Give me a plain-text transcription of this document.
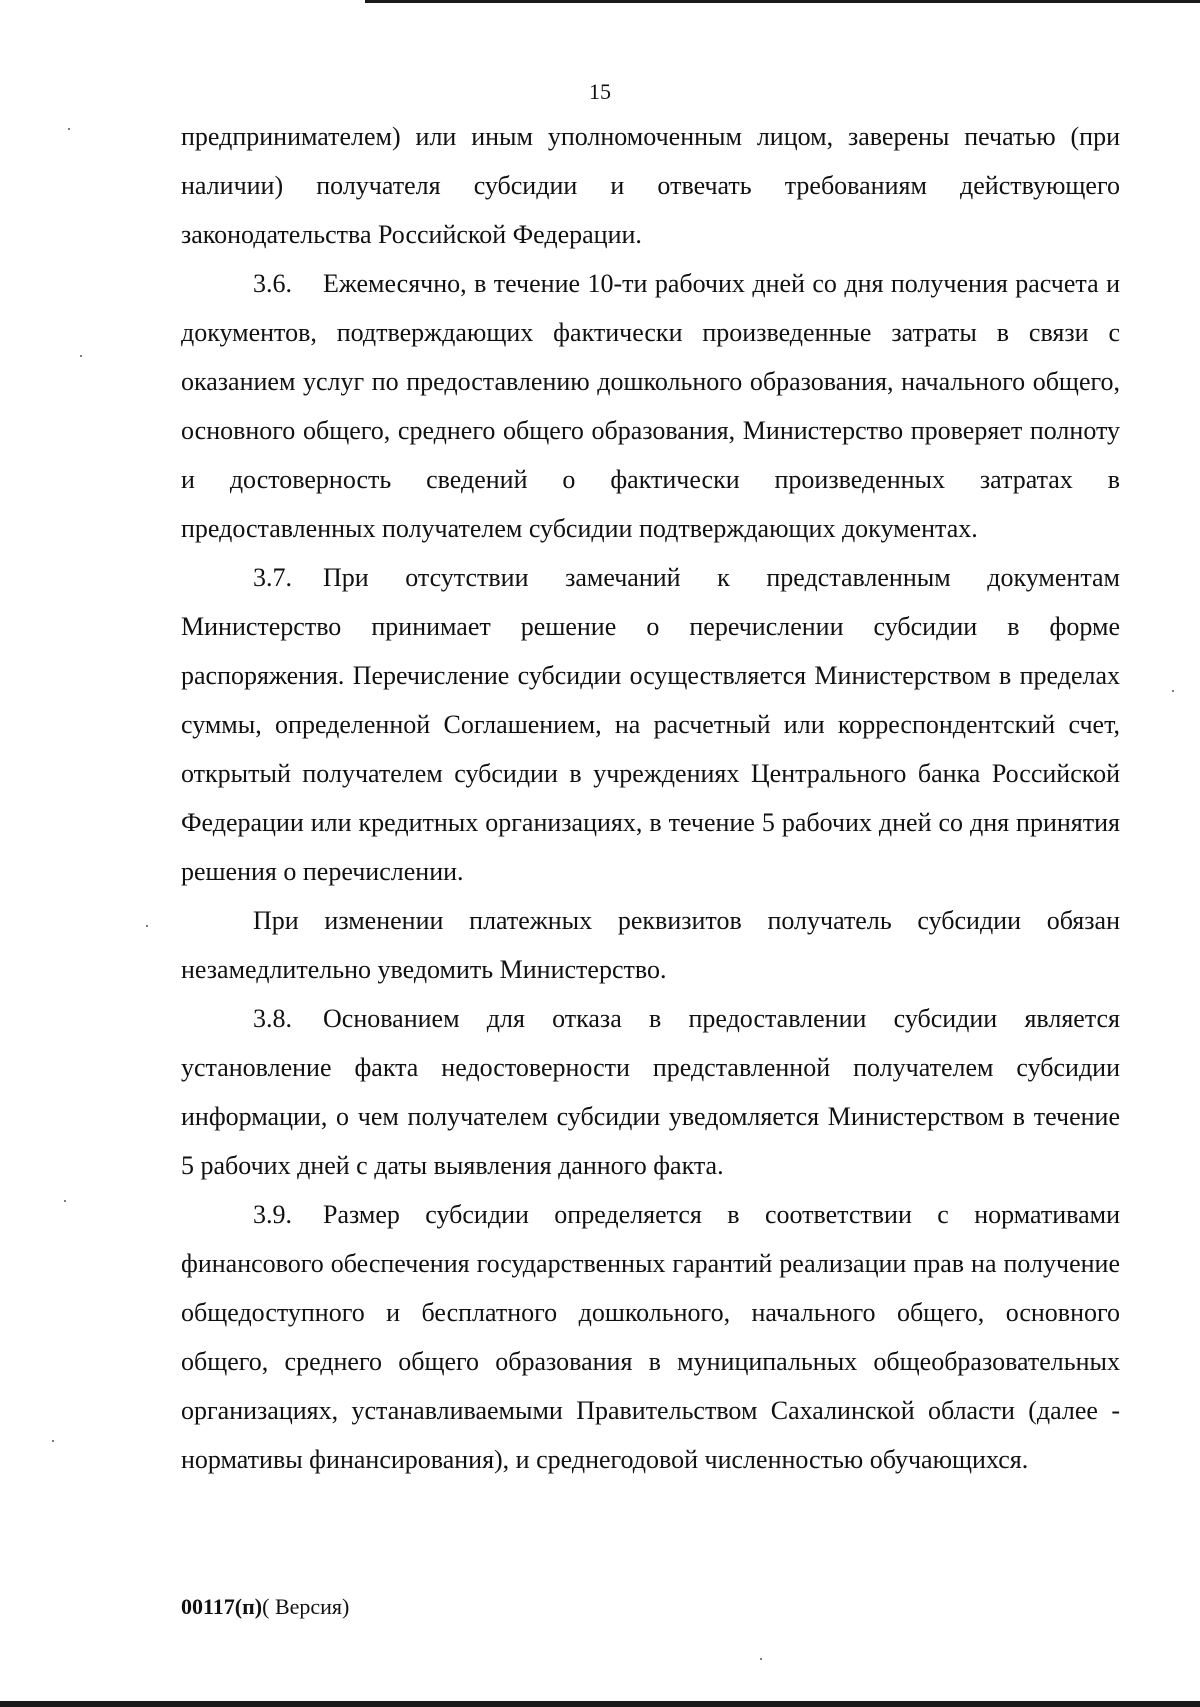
15

предпринимателем) или иным уполномоченным лицом, заверены печатью (при наличии) получателя субсидии и отвечать требованиям действующего законодательства Российской Федерации.

3.6. Ежемесячно, в течение 10-ти рабочих дней со дня получения расчета и документов, подтверждающих фактически произведенные затраты в связи с оказанием услуг по предоставлению дошкольного образования, начального общего, основного общего, среднего общего образования, Министерство проверяет полноту и достоверность сведений о фактически произведенных затратах в предоставленных получателем субсидии подтверждающих документах.

3.7. При отсутствии замечаний к представленным документам Министерство принимает решение о перечислении субсидии в форме распоряжения. Перечисление субсидии осуществляется Министерством в пределах суммы, определенной Соглашением, на расчетный или корреспондентский счет, открытый получателем субсидии в учреждениях Центрального банка Российской Федерации или кредитных организациях, в течение 5 рабочих дней со дня принятия решения о перечислении.

При изменении платежных реквизитов получатель субсидии обязан незамедлительно уведомить Министерство.

3.8. Основанием для отказа в предоставлении субсидии является установление факта недостоверности представленной получателем субсидии информации, о чем получателем субсидии уведомляется Министерством в течение 5 рабочих дней с даты выявления данного факта.

3.9. Размер субсидии определяется в соответствии с нормативами финансового обеспечения государственных гарантий реализации прав на получение общедоступного и бесплатного дошкольного, начального общего, основного общего, среднего общего образования в муниципальных общеобразовательных организациях, устанавливаемыми Правительством Сахалинской области (далее - нормативы финансирования), и среднегодовой численностью обучающихся.

00117(п)( Версия)
